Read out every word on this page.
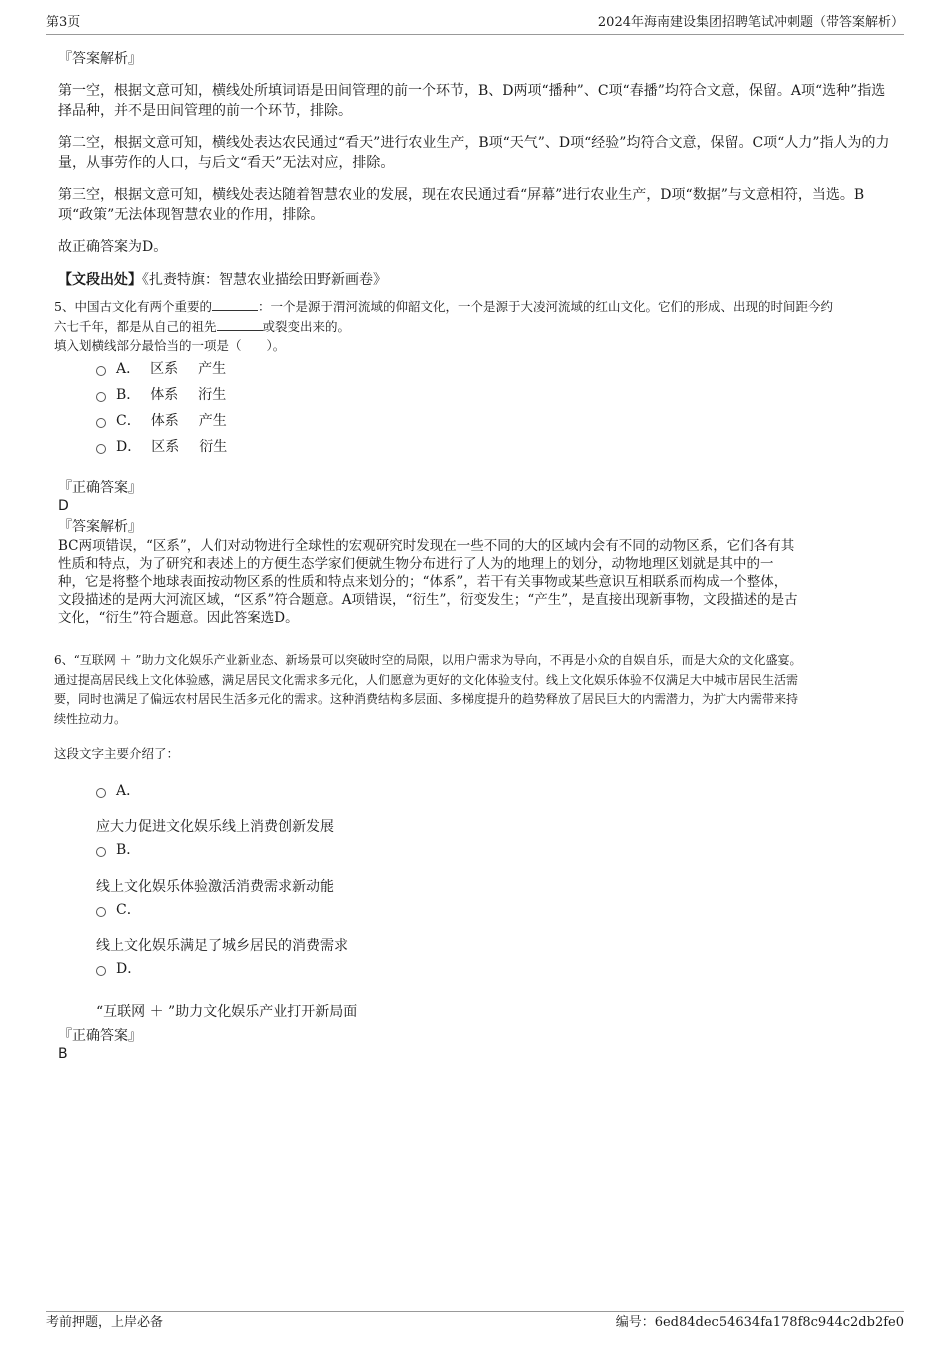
第3页	2024年海南建设集团招聘笔试冲刺题（带答案解析）
『答案解析』
第一空，根据文意可知，横线处所填词语是田间管理的前一个环节，B、D两项“播种”、C项“春播”均符合文意，保留。A项“选种”指选择品种，并不是田间管理的前一个环节，排除。
第二空，根据文意可知，横线处表达农民通过“看天”进行农业生产，B项“天气”、D项“经验”均符合文意，保留。C项“人力”指人为的力量，从事劳作的人口，与后文“看天”无法对应，排除。
第三空，根据文意可知，横线处表达随着智慧农业的发展，现在农民通过看“屏幕”进行农业生产，D项“数据”与文意相符，当选。B项“政策”无法体现智慧农业的作用，排除。
故正确答案为D。
【文段出处】《扎赉特旗：智慧农业描绘田野新画卷》
5、中国古文化有两个重要的	：一个是源于渭河流域的仰韶文化，一个是源于大凌河流域的红山文化。它们的形成、出现的时间距今约
六七千年，都是从自己的祖先	或裂变出来的。
填入划横线部分最恰当的一项是（　　）。
A． 区系 产生
B． 体系 洐生
C． 体系 产生
D． 区系 衍生
『正确答案』
D
『答案解析』
BC两项错误，“区系”，人们对动物进行全球性的宏观研究时发现在一些不同的大的区域内会有不同的动物区系，它们各有其
性质和特点，为了研究和表述上的方便生态学家们便就生物分布进行了人为的地理上的划分，动物地理区划就是其中的一
种，它是将整个地球表面按动物区系的性质和特点来划分的；“体系”，若干有关事物或某些意识互相联系而构成一个整体，
文段描述的是两大河流区域，“区系”符合题意。A项错误，“衍生”，衍变发生；“产生”，是直接出现新事物，文段描述的是古
文化，“衍生”符合题意。因此答案选D。
6、“互联网 ＋ ”助力文化娱乐产业新业态、新场景可以突破时空的局限，以用户需求为导向，不再是小众的自娱自乐，而是大众的文化盛宴。
通过提高居民线上文化体验感，满足居民文化需求多元化，人们愿意为更好的文化体验支付。线上文化娱乐体验不仅满足大中城市居民生活需
要，同时也满足了偏远农村居民生活多元化的需求。这种消费结构多层面、多梯度提升的趋势释放了居民巨大的内需潜力，为扩大内需带来持
续性拉动力。
这段文字主要介绍了：
A．
应大力促进文化娱乐线上消费创新发展
B．
线上文化娱乐体验激活消费需求新动能
C．
线上文化娱乐满足了城乡居民的消费需求
D．
“互联网 ＋ ”助力文化娱乐产业打开新局面
『正确答案』
B
考前押题，上岸必备	编号：6ed84dec54634fa178f8c944c2db2fe0
